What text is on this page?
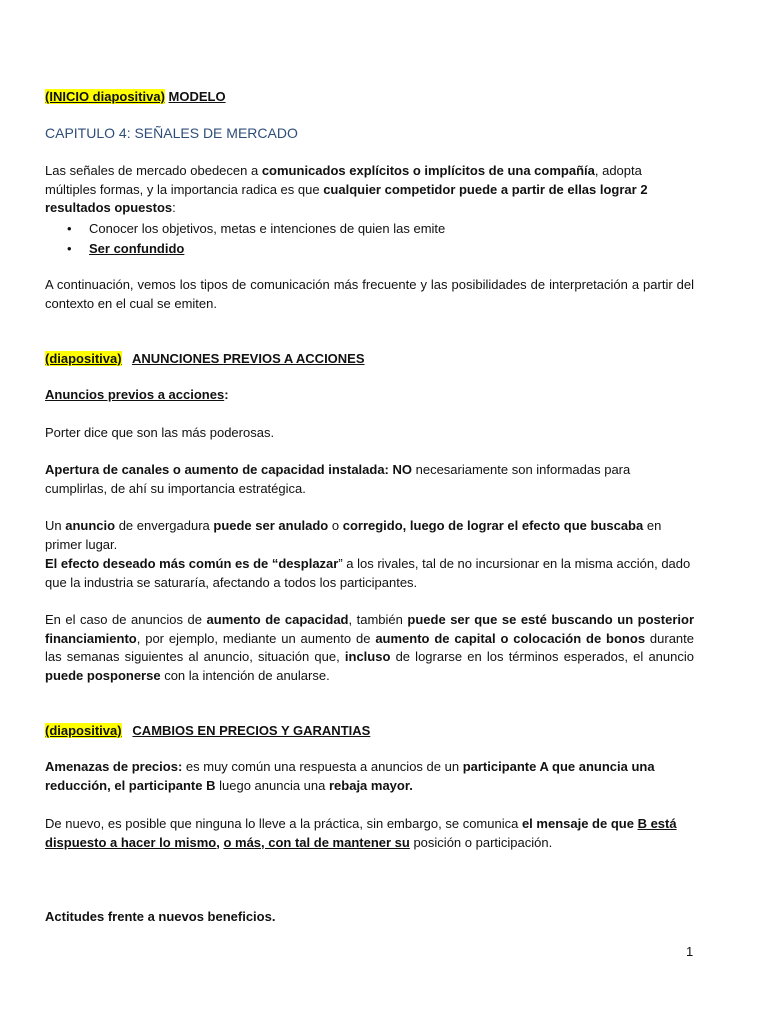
(INICIO diapositiva) MODELO
CAPITULO 4: SEÑALES DE MERCADO
Las señales de mercado obedecen a comunicados explícitos o implícitos de una compañía, adopta múltiples formas, y la importancia radica es que cualquier competidor puede a partir de ellas lograr 2 resultados opuestos:
• Conocer los objetivos, metas e intenciones de quien las emite
• Ser confundido
A continuación, vemos los tipos de comunicación más frecuente y las posibilidades de interpretación a partir del contexto en el cual se emiten.
(diapositiva) ANUNCIONES PREVIOS A ACCIONES
Anuncios previos a acciones:
Porter dice que son las más poderosas.
Apertura de canales o aumento de capacidad instalada: NO necesariamente son informadas para cumplirlas, de ahí su importancia estratégica.
Un anuncio de envergadura puede ser anulado o corregido, luego de lograr el efecto que buscaba en primer lugar.
El efecto deseado más común es de “desplazar” a los rivales, tal de no incursionar en la misma acción, dado que la industria se saturaría, afectando a todos los participantes.
En el caso de anuncios de aumento de capacidad, también puede ser que se esté buscando un posterior financiamiento, por ejemplo, mediante un aumento de aumento de capital o colocación de bonos durante las semanas siguientes al anuncio, situación que, incluso de lograrse en los términos esperados, el anuncio puede posponerse con la intención de anularse.
(diapositiva) CAMBIOS EN PRECIOS Y GARANTIAS
Amenazas de precios: es muy común una respuesta a anuncios de un participante A que anuncia una reducción, el participante B luego anuncia una rebaja mayor.
De nuevo, es posible que ninguna lo lleve a la práctica, sin embargo, se comunica el mensaje de que B está dispuesto a hacer lo mismo, o más, con tal de mantener su posición o participación.
Actitudes frente a nuevos beneficios.
1
